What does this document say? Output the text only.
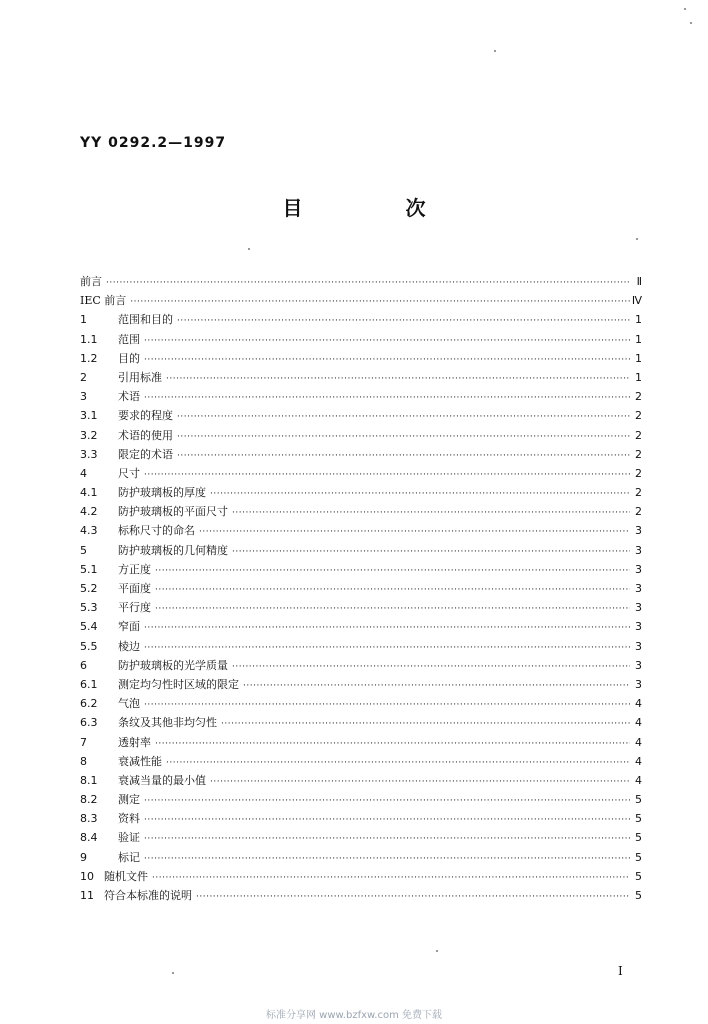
YY 0292.2—1997
目 次
前言 ·····	Ⅱ
IEC 前言 ·····	Ⅳ
1	范围和目的 ·····	1
1.1	范围 ·····	1
1.2	目的 ·····	1
2	引用标准 ·····	1
3	术语 ·····	2
3.1	要求的程度 ·····	2
3.2	术语的使用 ·····	2
3.3	限定的术语 ·····	2
4	尺寸 ·····	2
4.1	防护玻璃板的厚度 ·····	2
4.2	防护玻璃板的平面尺寸 ·····	2
4.3	标称尺寸的命名 ·····	3
5	防护玻璃板的几何精度 ·····	3
5.1	方正度 ·····	3
5.2	平面度 ·····	3
5.3	平行度 ·····	3
5.4	窄面 ·····	3
5.5	棱边 ·····	3
6	防护玻璃板的光学质量 ·····	3
6.1	测定均匀性时区域的限定 ·····	3
6.2	气泡 ·····	4
6.3	条纹及其他非均匀性 ·····	4
7	透射率 ·····	4
8	衰减性能 ·····	4
8.1	衰减当量的最小值 ·····	4
8.2	测定 ·····	5
8.3	资料 ·····	5
8.4	验证 ·····	5
9	标记 ·····	5
10 随机文件 ·····	5
11 符合本标准的说明 ·····	5
Ⅰ
标准分享网 www.bzfxw.com 免费下载
